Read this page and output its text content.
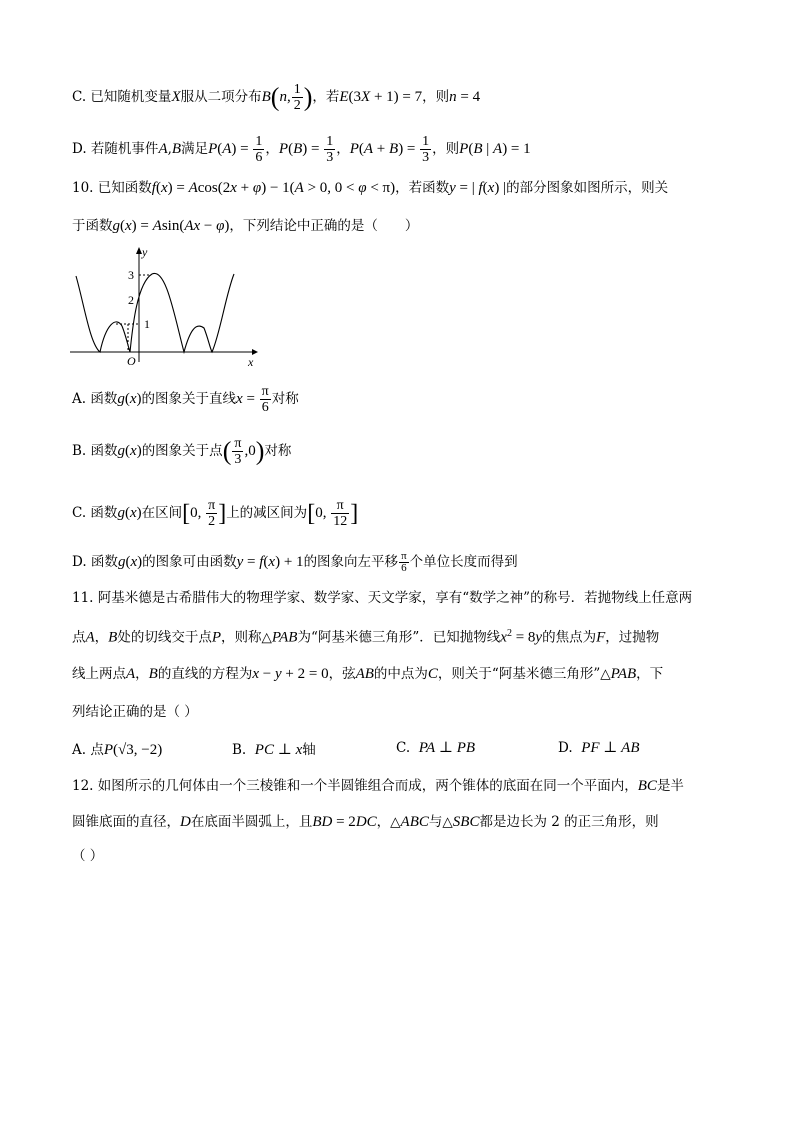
C. 已知随机变量X服从二项分布B(n, $\frac{1}{2}$ )，若E(3X + 1) = 7，则n = 4
D. 若随机事件A,B满足$P(A) = \frac{1}{6}$ ，$P(B) = \frac{1}{3}$ ，$P(A + B) = \frac{1}{3}$ ，则P(B | A) = 1
10. 已知函数f(x) = Acos(2x + φ) − 1(A > 0, 0 < φ < π)，若函数y = | f(x) |的部分图象如图所示，则关
于函数g(x) = Asin(Ax − φ)，下列结论中正确的是（　　）
y
x
O
3
2
1
A. 函数g(x)的图象关于直线$x = \frac{\pi}{6}$ 对称
B. 函数g(x)的图象关于点( $\frac{\pi}{3} ,0$)对称
C. 函数g(x)在区间[0, $\frac{\pi}{2}$ ]上的减区间为[0, $\frac{\pi}{12}$ ]
D. 函数g(x)的图象可由函数y = f(x) + 1的图象向左平移 $\frac{\pi}{6}$ 个单位长度而得到
11. 阿基米德是古希腊伟大的物理学家、数学家、天文学家，享有“数学之神”的称号．若抛物线上任意两
点A，B处的切线交于点P，则称△PAB为“阿基米德三角形”．已知抛物线$x^2 = 8y$的焦点为F，过抛物
线上两点A，B的直线的方程为x − y + 2 = 0，弦AB的中点为C，则关于“阿基米德三角形”△PAB，下
列结论正确的是（ ）
A. 点P(√3, −2)	B.  PC ⊥ x轴	C.  PA ⊥ PB	D.  PF ⊥ AB
12. 如图所示的几何体由一个三棱锥和一个半圆锥组合而成，两个锥体的底面在同一个平面内，BC是半
圆锥底面的直径，D在底面半圆弧上，且BD = 2DC，△ABC与△SBC都是边长为 2 的正三角形，则
（ ）
